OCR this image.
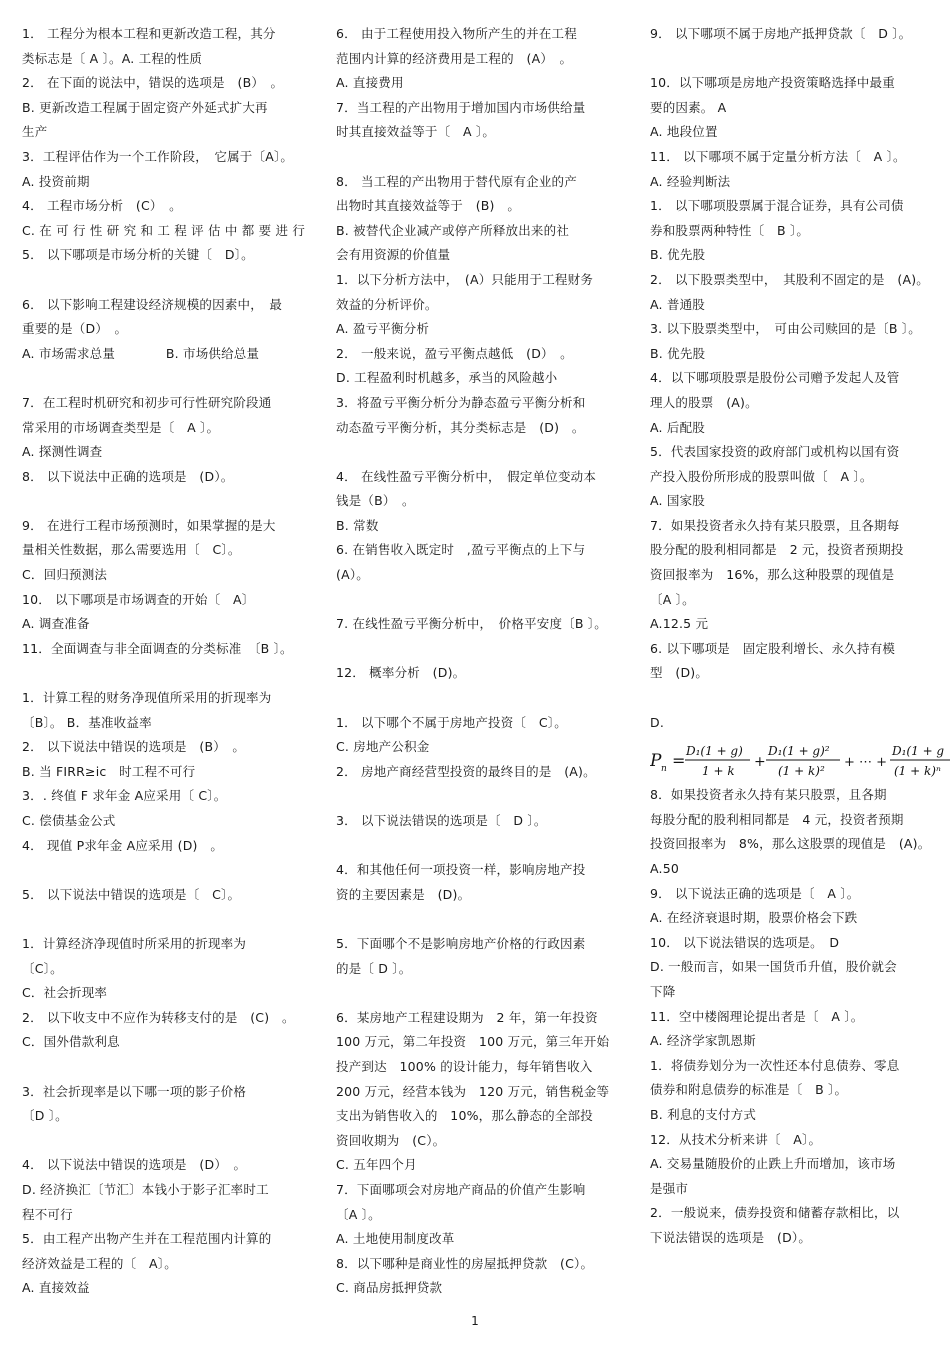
1． 工程分为根本工程和更新改造工程，其分
类标志是〔 A 〕。A. 工程的性质
2． 在下面的说法中，错误的选项是　(B）　。
B. 更新改造工程属于固定资产外延式扩大再
生产
3．工程评估作为一个工作阶段，　它属于〔A〕。
A. 投资前期
4． 工程市场分析　(C）　。
C. 在 可 行 性 研 究 和 工 程 评 估 中 都 要 进 行
5． 以下哪项是市场分析的关键〔　D〕。
6． 以下影响工程建设经济规模的因素中，　最
重要的是（D）　。
A. 市场需求总量　　　　B. 市场供给总量
7．在工程时机研究和初步可行性研究阶段通
常采用的市场调查类型是〔　A 〕。
A. 探测性调查
8． 以下说法中正确的选项是　(D）。
9． 在进行工程市场预测时，如果掌握的是大
量相关性数据，那么需要选用〔　C〕。
C．回归预测法
10． 以下哪项是市场调查的开始〔　A〕
A. 调查准备
11．全面调查与非全面调查的分类标准　〔B 〕。
1．计算工程的财务净现值所采用的折现率为
〔B〕。 B．基准收益率
2． 以下说法中错误的选项是　(B）　。
B. 当 FIRR≥ic　时工程不可行
3．. 终值 F 求年金 A应采用〔 C〕。
C. 偿债基金公式
4． 现值 P求年金 A应采用 (D)　。
5． 以下说法中错误的选项是〔　C〕。
1．计算经济净现值时所采用的折现率为
〔C〕。
C．社会折现率
2． 以下收支中不应作为转移支付的是　(C)　。
C．国外借款利息
3．社会折现率是以下哪一项的影子价格
〔D 〕。
4． 以下说法中错误的选项是　(D）　。
D. 经济换汇〔节汇〕本钱小于影子汇率时工
程不可行
5．由工程产出物产生并在工程范围内计算的
经济效益是工程的〔　A〕。
A. 直接效益
6． 由于工程使用投入物所产生的并在工程
范围内计算的经济费用是工程的　(A）　。
A. 直接费用
7．当工程的产出物用于增加国内市场供给量
时其直接效益等于〔　A 〕。
8． 当工程的产出物用于替代原有企业的产
出物时其直接效益等于　(B)　。
B. 被替代企业减产或停产所释放出来的社
会有用资源的价值量
1．以下分析方法中，　(A）只能用于工程财务
效益的分析评价。
A. 盈亏平衡分析
2． 一般来说，盈亏平衡点越低　(D）　。
D. 工程盈利时机越多，承当的风险越小
3．将盈亏平衡分析分为静态盈亏平衡分析和
动态盈亏平衡分析，其分类标志是　(D)　。
4． 在线性盈亏平衡分析中，　假定单位变动本
钱是（B）　。
B. 常数
6. 在销售收入既定时　,盈亏平衡点的上下与
(A）。
7. 在线性盈亏平衡分析中，　价格平安度〔B 〕。
12． 概率分析　(D)。
1． 以下哪个不属于房地产投资〔　C〕。
C. 房地产公积金
2． 房地产商经营型投资的最终目的是　(A)。
3． 以下说法错误的选项是〔　D 〕。
4．和其他任何一项投资一样，影响房地产投
资的主要因素是　(D)。
5．下面哪个不是影响房地产价格的行政因素
的是〔 D 〕。
6．某房地产工程建设期为　2 年，第一年投资
100 万元，第二年投资　100 万元，第三年开始
投产到达　100% 的设计能力，每年销售收入
200 万元，经营本钱为　120 万元，销售税金等
支出为销售收入的　10%，那么静态的全部投
资回收期为　(C）。
C. 五年四个月
7．下面哪项会对房地产商品的价值产生影响
〔A 〕。
A. 土地使用制度改革
8．以下哪种是商业性的房屋抵押贷款　(C）。
C. 商品房抵押贷款
9． 以下哪项不属于房地产抵押贷款〔　D 〕。
10．以下哪项是房地产投资策略选择中最重
要的因素。 A
A. 地段位置
11． 以下哪项不属于定量分析方法〔　A 〕。
A. 经验判断法
1． 以下哪项股票属于混合证券，具有公司债
券和股票两种特性〔　B 〕。
B. 优先股
2． 以下股票类型中，　其股利不固定的是　(A)。
A. 普通股
3. 以下股票类型中，　可由公司赎回的是〔B 〕。
B. 优先股
4．以下哪项股票是股份公司赠予发起人及管
理人的股票　(A)。
A. 后配股
5．代表国家投资的政府部门或机构以国有资
产投入股份所形成的股票叫做〔　A 〕。
A. 国家股
7．如果投资者永久持有某只股票，且各期每
股分配的股利相同都是　2 元，投资者预期投
资回报率为　16%，那么这种股票的现值是
〔A 〕。
A.12.5 元
6. 以下哪项是　固定股利增长、永久持有模
型　(D)。
D.
P n = D₁(1 + g)
1 + k
+
D₁(1 + g)²
(1 + k)²
+ ⋯ +
D₁(1 + g
(1 + k)ⁿ
8．如果投资者永久持有某只股票，且各期
每股分配的股利相同都是　4 元，投资者预期
投资回报率为　8%，那么这股票的现值是　(A)。
A.50
9． 以下说法正确的选项是〔　A 〕。
A. 在经济衰退时期，股票价格会下跌
10． 以下说法错误的选项是。　D
D. 一般而言，如果一国货币升值，股价就会
下降
11．空中楼阁理论提出者是〔　A 〕。
A. 经济学家凯恩斯
1．将债券划分为一次性还本付息债券、零息
债券和附息债券的标准是〔　B 〕。
B. 利息的支付方式
12．从技术分析来讲〔　A〕。
A. 交易量随股价的止跌上升而增加，该市场
是强市
2．一般说来，债券投资和储蓄存款相比，以
下说法错误的选项是　(D）。
1
